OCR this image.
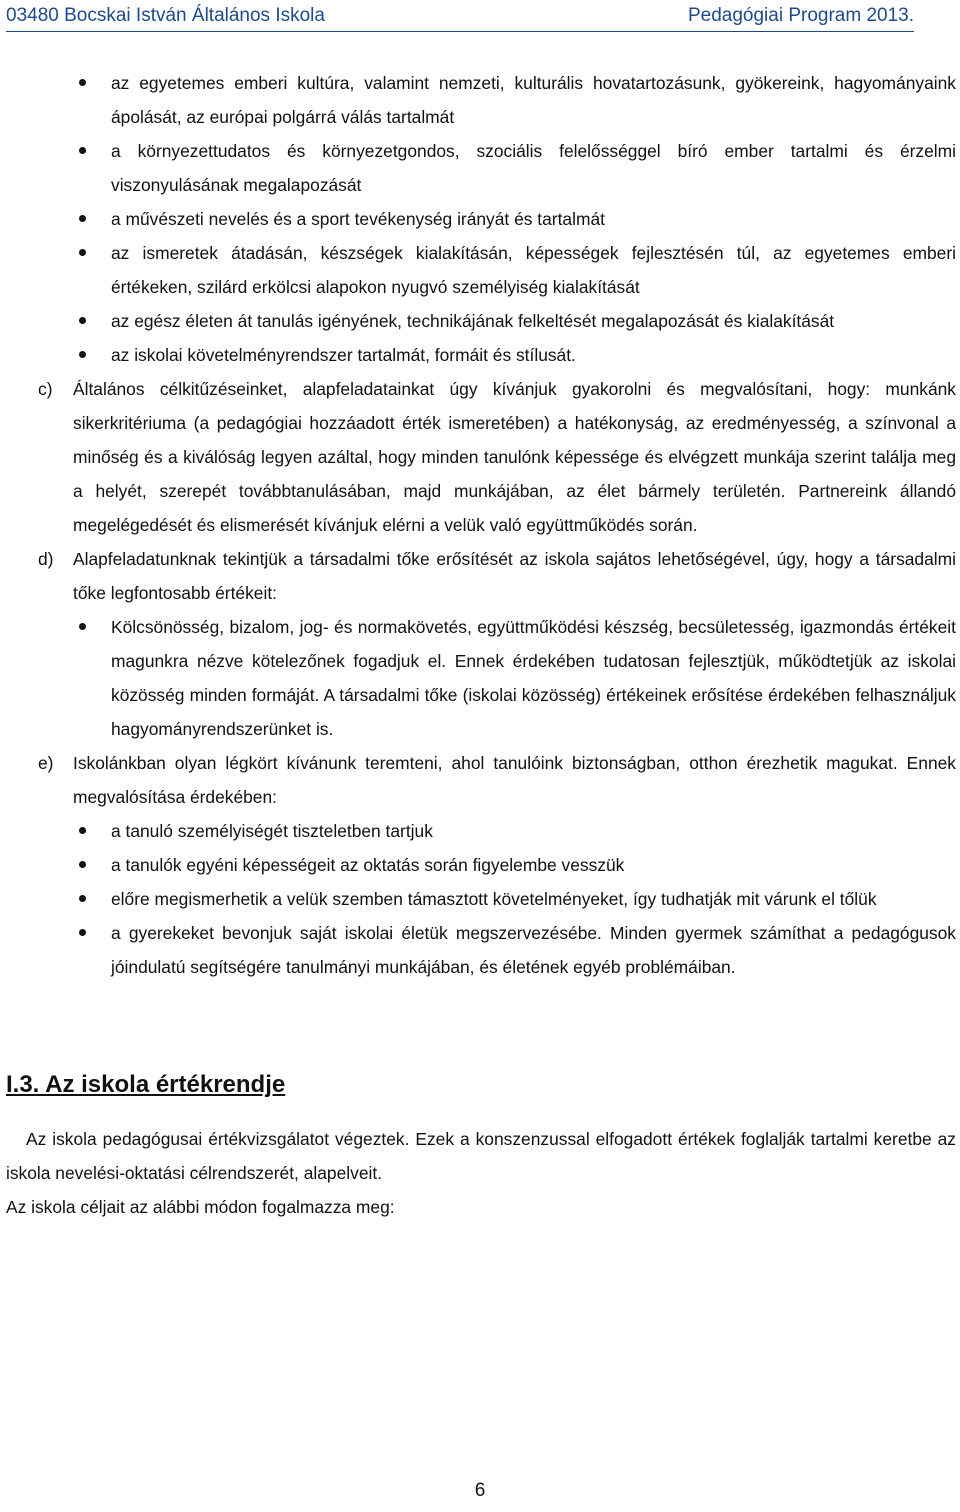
03480 Bocskai István Általános Iskola	Pedagógiai Program 2013.
az egyetemes emberi kultúra, valamint nemzeti, kulturális hovatartozásunk, gyökereink, hagyományaink ápolását, az európai polgárrá válás tartalmát
a környezettudatos és környezetgondos, szociális felelősséggel bíró ember tartalmi és érzelmi viszonyulásának megalapozását
a művészeti nevelés és a sport tevékenység irányát és tartalmát
az ismeretek átadásán, készségek kialakításán, képességek fejlesztésén túl, az egyetemes emberi értékeken, szilárd erkölcsi alapokon nyugvó személyiség kialakítását
az egész életen át tanulás igényének, technikájának felkeltését megalapozását és kialakítását
az iskolai követelményrendszer tartalmát, formáit és stílusát.
c) Általános célkitűzéseinket, alapfeladatainkat úgy kívánjuk gyakorolni és megvalósítani, hogy: munkánk sikerkritériuma (a pedagógiai hozzáadott érték ismeretében) a hatékonyság, az eredményesség, a színvonal a minőség és a kiválóság legyen azáltal, hogy minden tanulónk képessége és elvégzett munkája szerint találja meg a helyét, szerepét továbbtanulásában, majd munkájában, az élet bármely területén. Partnereink állandó megelégedését és elismerését kívánjuk elérni a velük való együttműködés során.
d) Alapfeladatunknak tekintjük a társadalmi tőke erősítését az iskola sajátos lehetőségével, úgy, hogy a társadalmi tőke legfontosabb értékeit:
Kölcsönösség, bizalom, jog- és normakövetés, együttműködési készség, becsületesség, igazmondás értékeit magunkra nézve kötelezőnek fogadjuk el. Ennek érdekében tudatosan fejlesztjük, működtetjük az iskolai közösség minden formáját. A társadalmi tőke (iskolai közösség) értékeinek erősítése érdekében felhasználjuk hagyományrendszerünket is.
e) Iskolánkban olyan légkört kívánunk teremteni, ahol tanulóink biztonságban, otthon érezhetik magukat. Ennek megvalósítása érdekében:
a tanuló személyiségét tiszteletben tartjuk
a tanulók egyéni képességeit az oktatás során figyelembe vesszük
előre megismerhetik a velük szemben támasztott követelményeket, így tudhatják mit várunk el tőlük
a gyerekeket bevonjuk saját iskolai életük megszervezésébe. Minden gyermek számíthat a pedagógusok jóindulatú segítségére tanulmányi munkájában, és életének egyéb problémáiban.
I.3. Az iskola értékrendje
Az iskola pedagógusai értékvizsgálatot végeztek. Ezek a konszenzussal elfogadott értékek foglalják tartalmi keretbe az iskola nevelési-oktatási célrendszerét, alapelveit.
Az iskola céljait az alábbi módon fogalmazza meg:
6
